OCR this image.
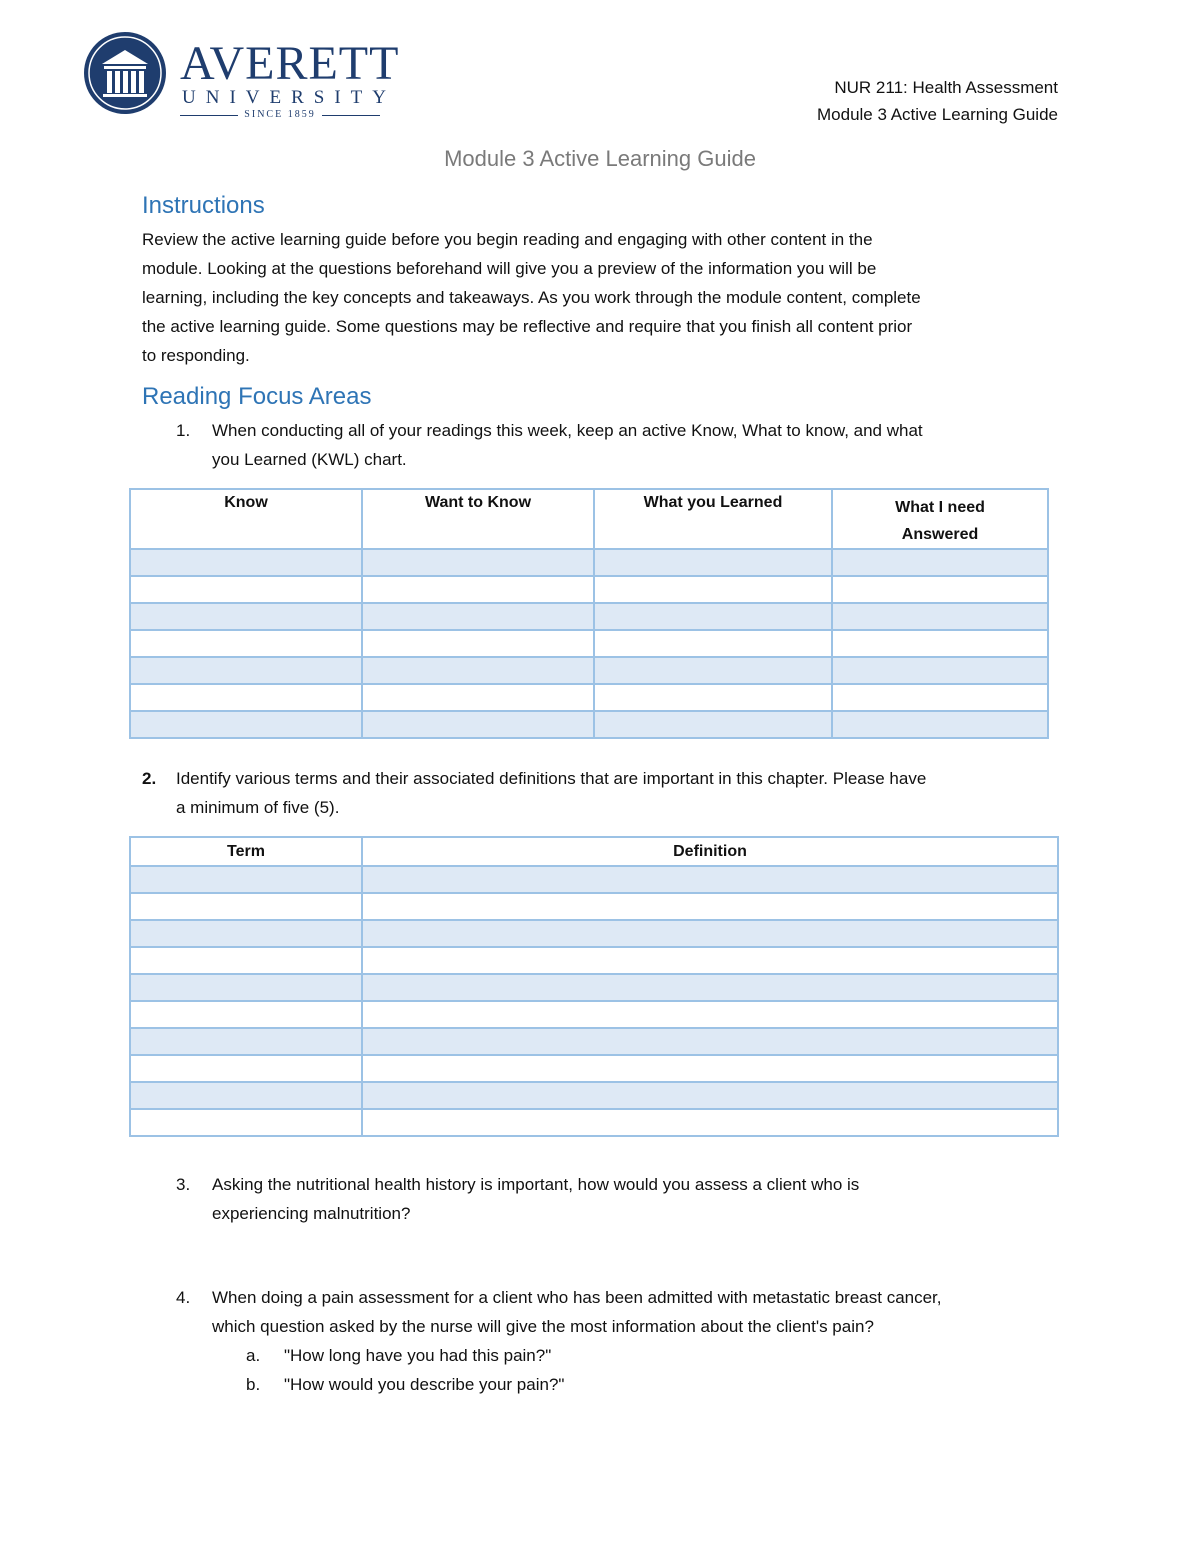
AVERETT
UNIVERSITY
SINCE 1859
NUR 211: Health Assessment
Module 3 Active Learning Guide
Module 3 Active Learning Guide
Instructions
Review the active learning guide before you begin reading and engaging with other content in the
module. Looking at the questions beforehand will give you a preview of the information you will be
learning, including the key concepts and takeaways. As you work through the module content, complete
the active learning guide. Some questions may be reflective and require that you finish all content prior
to responding.
Reading Focus Areas
1. When conducting all of your readings this week, keep an active Know, What to know, and what
you Learned (KWL) chart.
Know	Want to Know	What you Learned	What I need Answered

2. Identify various terms and their associated definitions that are important in this chapter. Please have
a minimum of five (5).
Term	Definition

3. Asking the nutritional health history is important, how would you assess a client who is
experiencing malnutrition?
4. When doing a pain assessment for a client who has been admitted with metastatic breast cancer,
which question asked by the nurse will give the most information about the client's pain?
a. "How long have you had this pain?"
b. "How would you describe your pain?"
